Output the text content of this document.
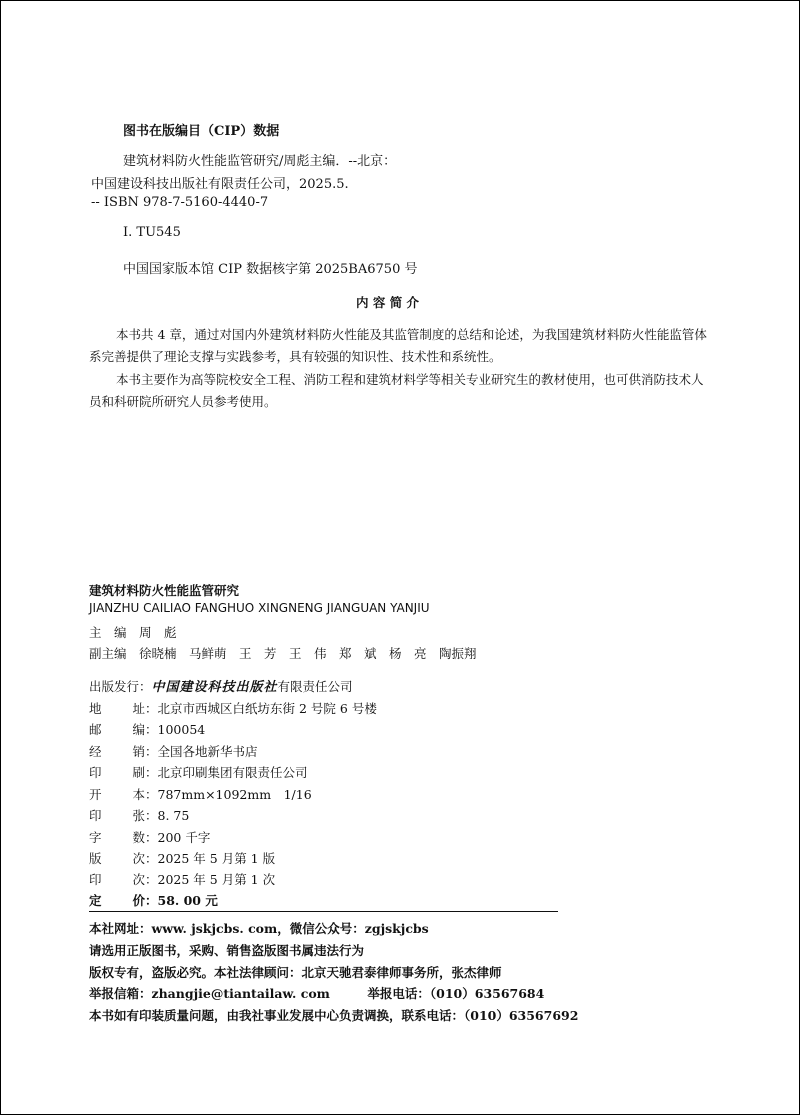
图书在版编目（CIP）数据
建筑材料防火性能监管研究/周彪主编．--北京：
中国建设科技出版社有限责任公司，2025.5.
-- ISBN 978-7-5160-4440-7
Ⅰ. TU545
中国国家版本馆 CIP 数据核字第 2025BA6750 号
内 容 简 介

本书共 4 章，通过对国内外建筑材料防火性能及其监管制度的总结和论述，为我国建筑材料防火性能监管体系完善提供了理论支撑与实践参考，具有较强的知识性、技术性和系统性。

本书主要作为高等院校安全工程、消防工程和建筑材料学等相关专业研究生的教材使用，也可供消防技术人员和科研院所研究人员参考使用。

建筑材料防火性能监管研究
JIANZHU CAILIAO FANGHUO XINGNENG JIANGUAN YANJIU
主　编　周　彪
副主编　徐晓楠　马鲜萌　王　芳　王　伟　郑　斌　杨　亮　陶振翔
出版发行：中国建设科技出版社有限责任公司
地址：北京市西城区白纸坊东街 2 号院 6 号楼
邮编：100054
经销：全国各地新华书店
印刷：北京印刷集团有限责任公司
开本：787mm×1092mm　1/16
印张：8. 75
字数：200 千字
版次：2025 年 5 月第 1 版
印次：2025 年 5 月第 1 次
定价：58. 00 元
本社网址：www. jskjcbs. com，微信公众号：zgjskjcbs
请选用正版图书，采购、销售盗版图书属违法行为
版权专有，盗版必究。本社法律顾问：北京天驰君泰律师事务所，张杰律师
举报信箱：zhangjie@tiantailaw. com　　　举报电话：（010）63567684
本书如有印装质量问题，由我社事业发展中心负责调换，联系电话：（010）63567692
